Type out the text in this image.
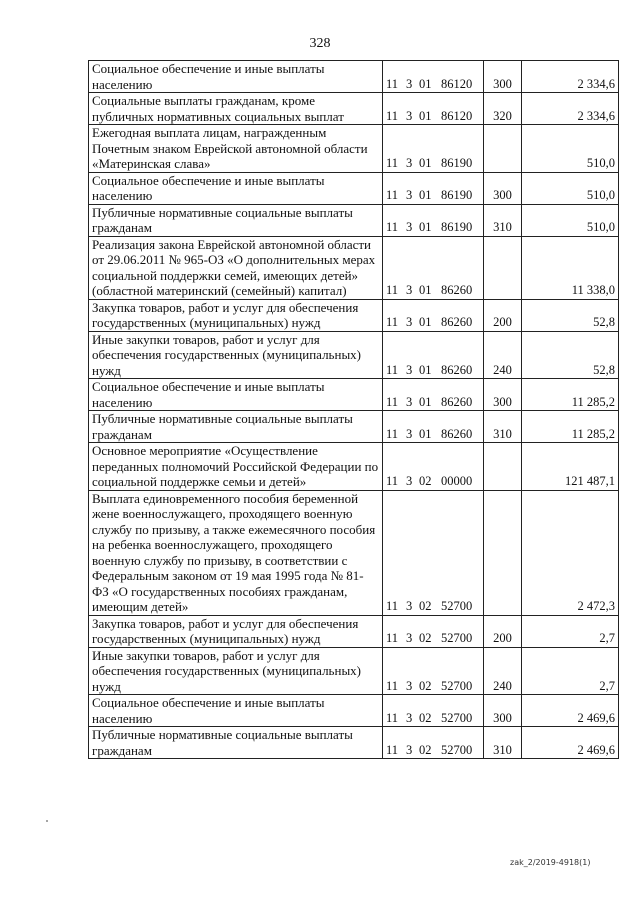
328
Социальное обеспечение и иные выплаты населению	11 3 01 86120	300	2 334,6
Социальные выплаты гражданам, кроме публичных нормативных социальных выплат	11 3 01 86120	320	2 334,6
Ежегодная выплата лицам, награжденным Почетным знаком Еврейской автономной области «Материнская слава»	11 3 01 86190		510,0
Социальное обеспечение и иные выплаты населению	11 3 01 86190	300	510,0
Публичные нормативные социальные выплаты гражданам	11 3 01 86190	310	510,0
Реализация закона Еврейской автономной области от 29.06.2011 № 965-ОЗ «О дополнительных мерах социальной поддержки семей, имеющих детей» (областной материнский (семейный) капитал)	11 3 01 86260		11 338,0
Закупка товаров, работ и услуг для обеспечения государственных (муниципальных) нужд	11 3 01 86260	200	52,8
Иные закупки товаров, работ и услуг для обеспечения государственных (муниципальных) нужд	11 3 01 86260	240	52,8
Социальное обеспечение и иные выплаты населению	11 3 01 86260	300	11 285,2
Публичные нормативные социальные выплаты гражданам	11 3 01 86260	310	11 285,2
Основное мероприятие «Осуществление переданных полномочий Российской Федерации по социальной поддержке семьи и детей»	11 3 02 00000		121 487,1
Выплата единовременного пособия беременной жене военнослужащего, проходящего военную службу по призыву, а также ежемесячного пособия на ребенка военнослужащего, проходящего военную службу по призыву, в соответствии с Федеральным законом от 19 мая 1995 года № 81-ФЗ «О государственных пособиях гражданам, имеющим детей»	11 3 02 52700		2 472,3
Закупка товаров, работ и услуг для обеспечения государственных (муниципальных) нужд	11 3 02 52700	200	2,7
Иные закупки товаров, работ и услуг для обеспечения государственных (муниципальных) нужд	11 3 02 52700	240	2,7
Социальное обеспечение и иные выплаты населению	11 3 02 52700	300	2 469,6
Публичные нормативные социальные выплаты гражданам	11 3 02 52700	310	2 469,6
zak_2/2019-4918(1)
